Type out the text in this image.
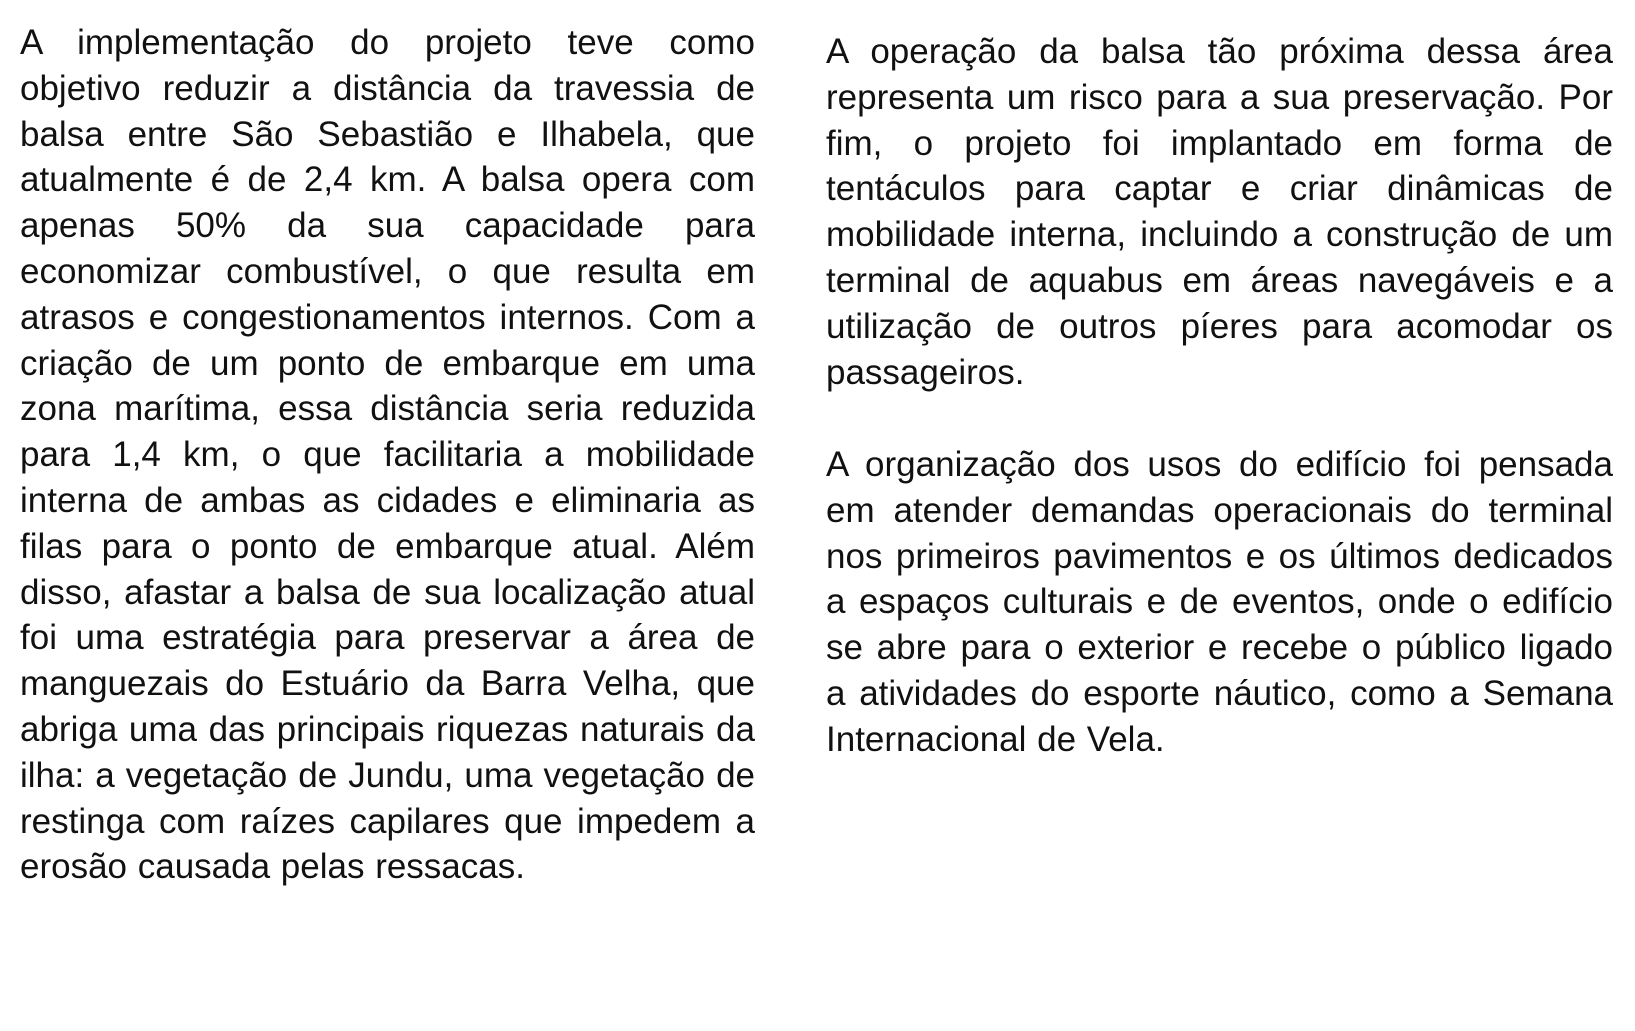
A implementação do projeto teve como objetivo reduzir a distância da travessia de balsa entre São Sebastião e Ilhabela, que atualmente é de 2,4 km. A balsa opera com apenas 50% da sua capacidade para economizar combustível, o que resulta em atrasos e congestionamentos internos. Com a criação de um ponto de embarque em uma zona marítima, essa distância seria reduzida para 1,4 km, o que facilitaria a mobilidade interna de ambas as cidades e eliminaria as filas para o ponto de embarque atual. Além disso, afastar a balsa de sua localização atual foi uma estratégia para preservar a área de manguezais do Estuário da Barra Velha, que abriga uma das principais riquezas naturais da ilha: a vegetação de Jundu, uma vegetação de restinga com raízes capilares que impedem a erosão causada pelas ressacas.

A operação da balsa tão próxima dessa área representa um risco para a sua preservação. Por fim, o projeto foi implantado em forma de tentáculos para captar e criar dinâmicas de mobilidade interna, incluindo a construção de um terminal de aquabus em áreas navegáveis e a utilização de outros píeres para acomodar os passageiros.

A organização dos usos do edifício foi pensada em atender demandas operacionais do terminal nos primeiros pavimentos e os últimos dedicados a espaços culturais e de eventos, onde o edifício se abre para o exterior e recebe o público ligado a atividades do esporte náutico, como a Semana Internacional de Vela.
